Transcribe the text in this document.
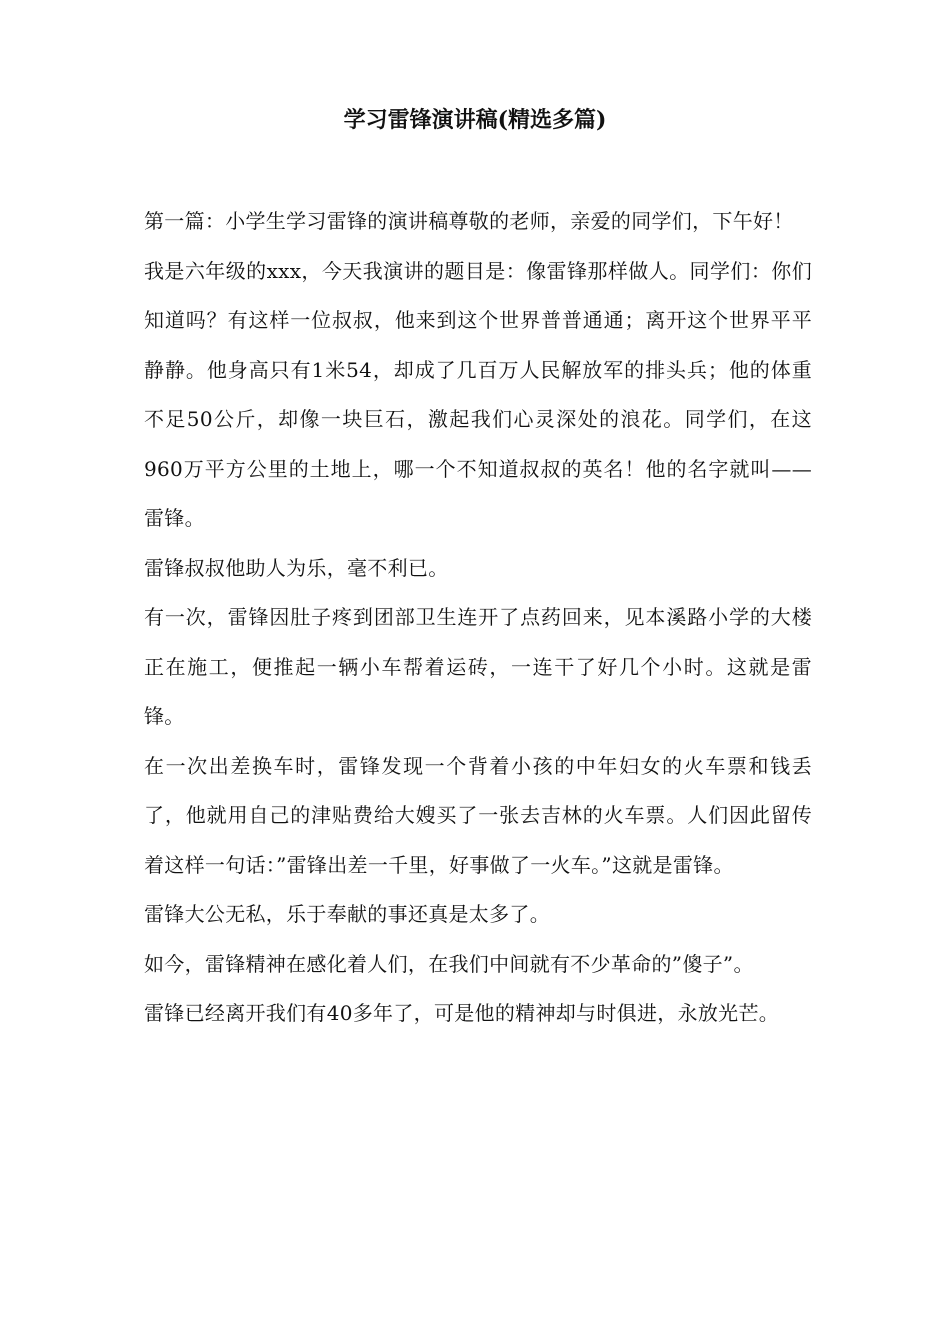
学习雷锋演讲稿(精选多篇)

第一篇：小学生学习雷锋的演讲稿尊敬的老师，亲爱的同学们，下午好！

我是六年级的xxx，今天我演讲的题目是：像雷锋那样做人。同学们：你们知道吗？有这样一位叔叔，他来到这个世界普普通通；离开这个世界平平静静。他身高只有1米54，却成了几百万人民解放军的排头兵；他的体重不足50公斤，却像一块巨石，激起我们心灵深处的浪花。同学们，在这960万平方公里的土地上，哪一个不知道叔叔的英名！他的名字就叫——雷锋。

雷锋叔叔他助人为乐，毫不利已。

有一次，雷锋因肚子疼到团部卫生连开了点药回来，见本溪路小学的大楼正在施工，便推起一辆小车帮着运砖，一连干了好几个小时。这就是雷锋。

在一次出差换车时，雷锋发现一个背着小孩的中年妇女的火车票和钱丢了，他就用自己的津贴费给大嫂买了一张去吉林的火车票。人们因此留传着这样一句话：”雷锋出差一千里，好事做了一火车。”这就是雷锋。

雷锋大公无私，乐于奉献的事还真是太多了。

如今，雷锋精神在感化着人们，在我们中间就有不少革命的”傻子”。

雷锋已经离开我们有40多年了，可是他的精神却与时俱进，永放光芒。
